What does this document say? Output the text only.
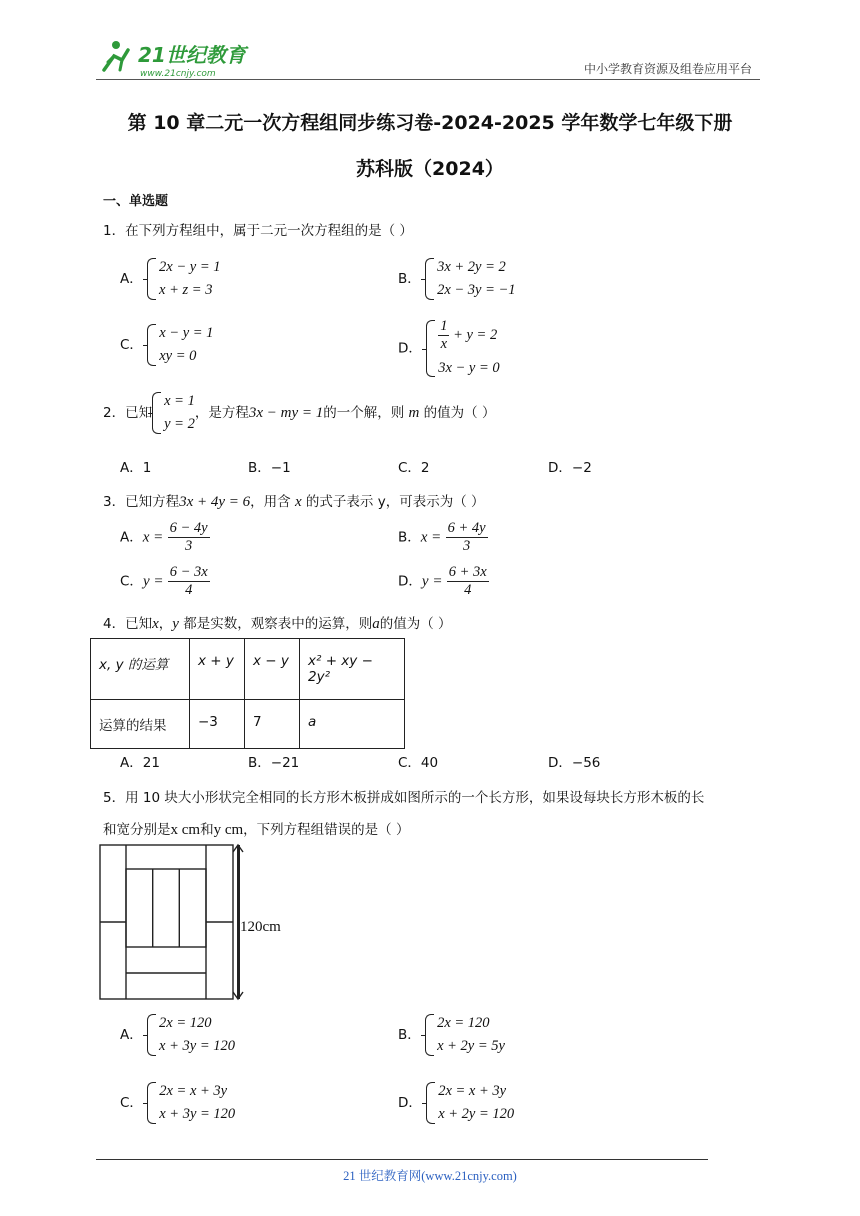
21世纪教育
www.21cnjy.com	中小学教育资源及组卷应用平台
第 10 章二元一次方程组同步练习卷-2024-2025 学年数学七年级下册
苏科版（2024）
一、单选题
1．在下列方程组中，属于二元一次方程组的是（ ）
A．
2x − y = 1
x + z = 3
B．
3x + 2y = 2
2x − 3y = −1
C．
x − y = 1
xy = 0	D． $\frac{1}{x} + y = 2$
3x − y = 0
2．已知
x = 1
y = 2
，是方程3x − my = 1的一个解，则 m 的值为（ ）
A．1	B．−1	C．2	D．−2
3．已知方程3x + 4y = 6，用含 x 的式子表示 y，可表示为（ ）
A．$x = \frac{6 - 4y}{3}$	B．$x = \frac{6 + 4y}{3}$
C．$y = \frac{6 - 3x}{4}$	D．$y = \frac{6 + 3x}{4}$
4．已知x，y 都是实数，观察表中的运算，则a的值为（ ）
x, y 的运算	x + y	x − y	x² + xy − 2y²
运算的结果	−3	7	a
A．21	B．−21	C．40	D．−56
5．用 10 块大小形状完全相同的长方形木板拼成如图所示的一个长方形，如果设每块长方形木板的长
和宽分别是x cm和y cm，下列方程组错误的是（ ）
120cm
A．
2x = 120
x + 3y = 120
B．
2x = 120
x + 2y = 5y
C．
2x = x + 3y
x + 3y = 120
D．
2x = x + 3y
x + 2y = 120
21 世纪教育网(www.21cnjy.com)
